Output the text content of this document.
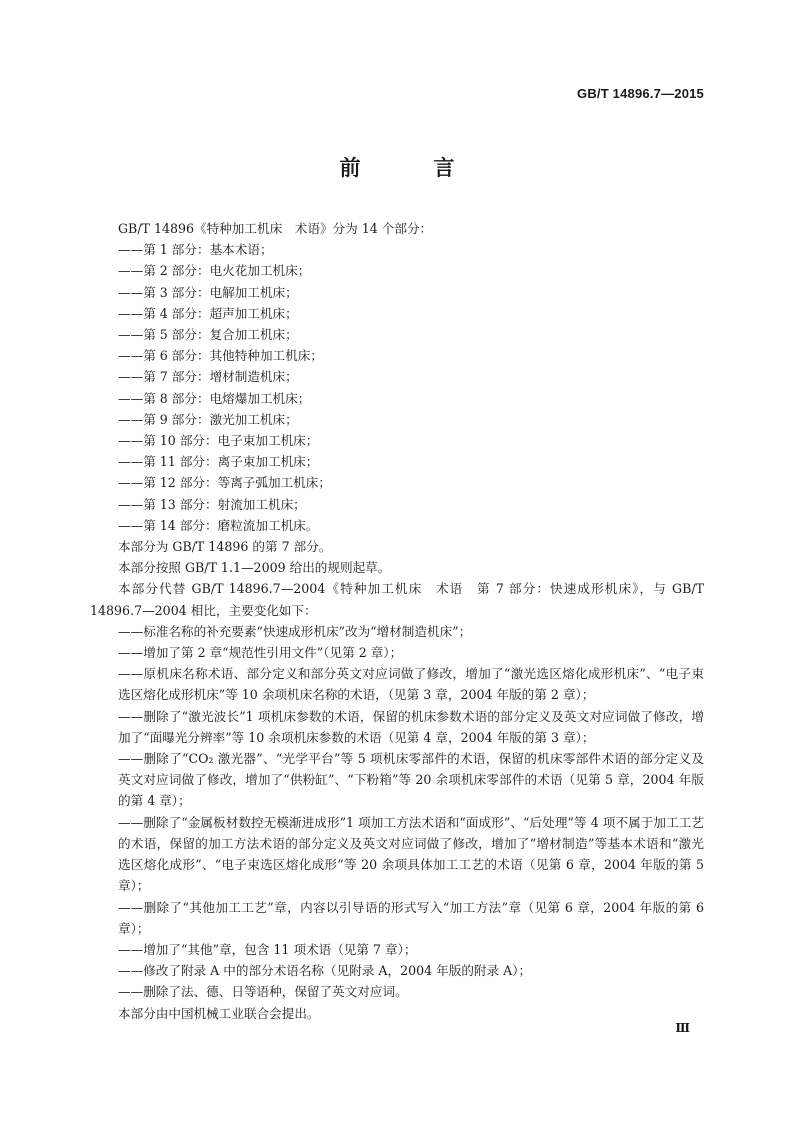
GB/T 14896.7—2015
前　言

GB/T 14896《特种加工机床　术语》分为 14 个部分：

——第 1 部分：基本术语；

——第 2 部分：电火花加工机床；

——第 3 部分：电解加工机床；

——第 4 部分：超声加工机床；

——第 5 部分：复合加工机床；

——第 6 部分：其他特种加工机床；

——第 7 部分：增材制造机床；

——第 8 部分：电熔爆加工机床；

——第 9 部分：激光加工机床；

——第 10 部分：电子束加工机床；

——第 11 部分：离子束加工机床；

——第 12 部分：等离子弧加工机床；

——第 13 部分：射流加工机床；

——第 14 部分：磨粒流加工机床。

本部分为 GB/T 14896 的第 7 部分。

本部分按照 GB/T 1.1—2009 给出的规则起草。

本部分代替 GB/T 14896.7—2004《特种加工机床　术语　第 7 部分：快速成形机床》，与 GB/T 14896.7—2004 相比，主要变化如下：

——标准名称的补充要素“快速成形机床”改为“增材制造机床”；

——增加了第 2 章“规范性引用文件”（见第 2 章）；

——原机床名称术语、部分定义和部分英文对应词做了修改，增加了“激光选区熔化成形机床”、“电子束选区熔化成形机床”等 10 余项机床名称的术语，（见第 3 章，2004 年版的第 2 章）；

——删除了“激光波长”1 项机床参数的术语，保留的机床参数术语的部分定义及英文对应词做了修改，增加了“面曝光分辨率”等 10 余项机床参数的术语（见第 4 章，2004 年版的第 3 章）；

——删除了“CO₂ 激光器”、“光学平台”等 5 项机床零部件的术语，保留的机床零部件术语的部分定义及英文对应词做了修改，增加了“供粉缸”、“下粉箱”等 20 余项机床零部件的术语（见第 5 章，2004 年版的第 4 章）；

——删除了“金属板材数控无模渐进成形”1 项加工方法术语和“面成形”、“后处理”等 4 项不属于加工工艺的术语，保留的加工方法术语的部分定义及英文对应词做了修改，增加了“增材制造”等基本术语和“激光选区熔化成形”、“电子束选区熔化成形”等 20 余项具体加工工艺的术语（见第 6 章，2004 年版的第 5 章）；

——删除了“其他加工工艺”章，内容以引导语的形式写入“加工方法”章（见第 6 章，2004 年版的第 6 章）；

——增加了“其他”章，包含 11 项术语（见第 7 章）；

——修改了附录 A 中的部分术语名称（见附录 A，2004 年版的附录 A）；

——删除了法、德、日等语种，保留了英文对应词。

本部分由中国机械工业联合会提出。

Ⅲ
